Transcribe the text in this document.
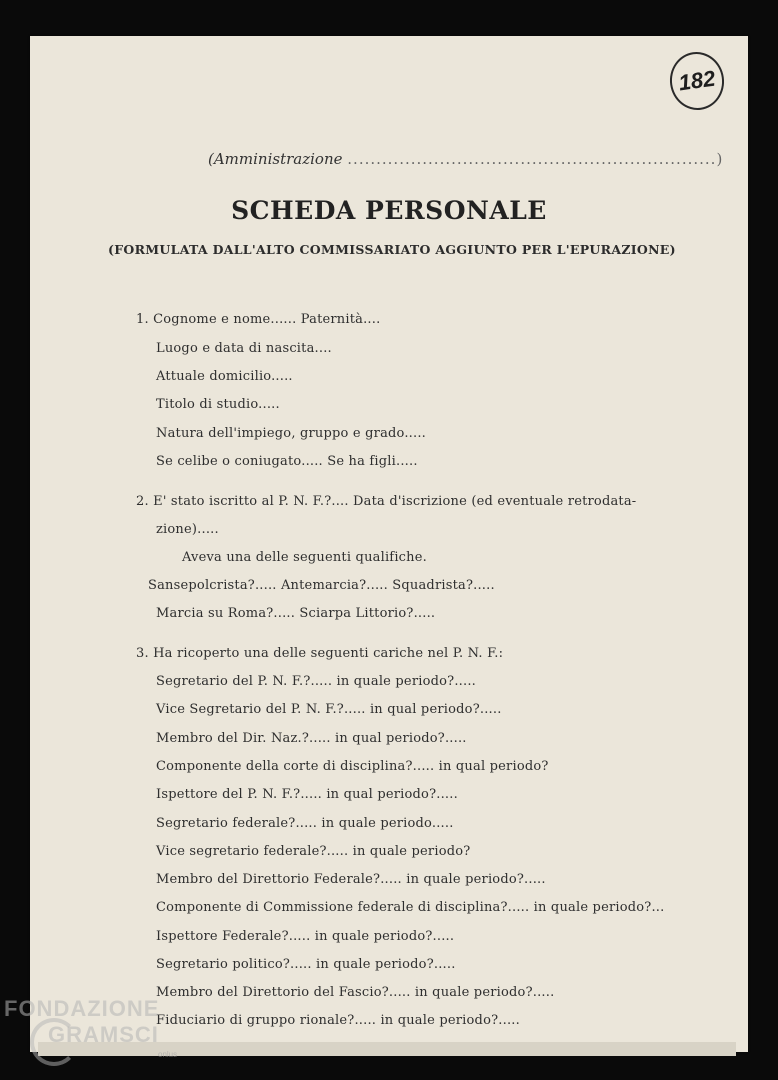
182
(Amministrazione ................................................................)
SCHEDA PERSONALE
(FORMULATA DALL'ALTO COMMISSARIATO AGGIUNTO PER L'EPURAZIONE)
1. Cognome e nome...... Paternità....
Luogo e data di nascita....
Attuale domicilio.....
Titolo di studio.....
Natura dell'impiego, gruppo e grado.....
Se celibe o coniugato..... Se ha figli.....
2. E' stato iscritto al P. N. F.?.... Data d'iscrizione (ed eventuale retrodata-
zione).....
Aveva una delle seguenti qualifiche.
Sansepolcrista?..... Antemarcia?..... Squadrista?.....
Marcia su Roma?..... Sciarpa Littorio?.....
3. Ha ricoperto una delle seguenti cariche nel P. N. F.:
Segretario del P. N. F.?..... in quale periodo?.....
Vice Segretario del P. N. F.?..... in qual periodo?.....
Membro del Dir. Naz.?..... in qual periodo?.....
Componente della corte di disciplina?..... in qual periodo?
Ispettore del P. N. F.?..... in qual periodo?.....
Segretario federale?..... in quale periodo.....
Vice segretario federale?..... in quale periodo?
Membro del Direttorio Federale?..... in quale periodo?.....
Componente di Commissione federale di disciplina?..... in quale periodo?...
Ispettore Federale?..... in quale periodo?.....
Segretario politico?..... in quale periodo?.....
Membro del Direttorio del Fascio?..... in quale periodo?.....
Fiduciario di gruppo rionale?..... in quale periodo?.....
FONDAZIONE
GRAMSCI
onlus
